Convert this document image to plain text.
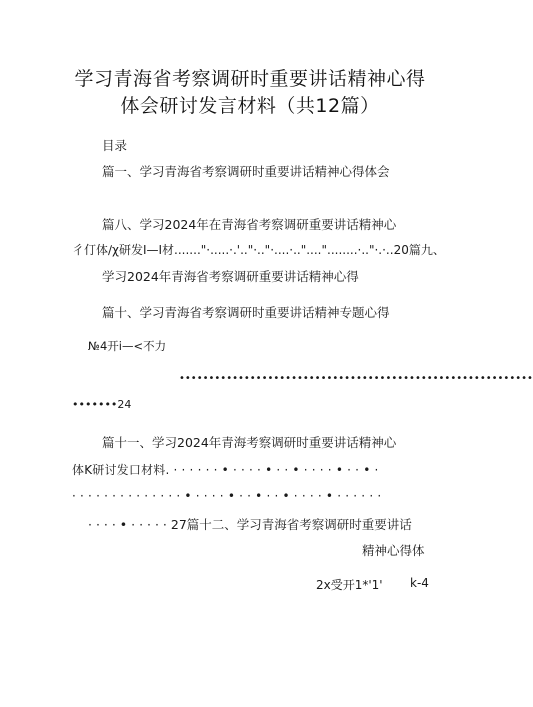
学习青海省考察调研时重要讲话精神心得
体会研讨发言材料（共12篇）
目录
篇一、学习青海省考察调研时重要讲话精神心得体会
篇八、学习2024年在青海省考察调研重要讲话精神心
彳仃体∕χ研发I—I材......."·.....·.'.."·.."·....·.."...."........·.."·.·..20篇九、
学习2024年青海省考察调研重要讲话精神心得
篇十、学习青海省考察调研时重要讲话精神专题心得
№4开i—<不力
••••••••••••••••••••••••••••••••••••••••••••••••••••••••••••
•••••••24
篇十一、学习2024年青海考察调研时重要讲话精神心
体K研讨发口材料. · · · · · · • · · · · • · · • · · · · • · · • ·
· · · · · · · · · · · · · · • · · · · • · · • · · • · · · · • · · · · · ·
· · · · • · · · · · 27篇十二、学习青海省考察调研时重要讲话
精神心得体
2x受开1*'1' k-4
